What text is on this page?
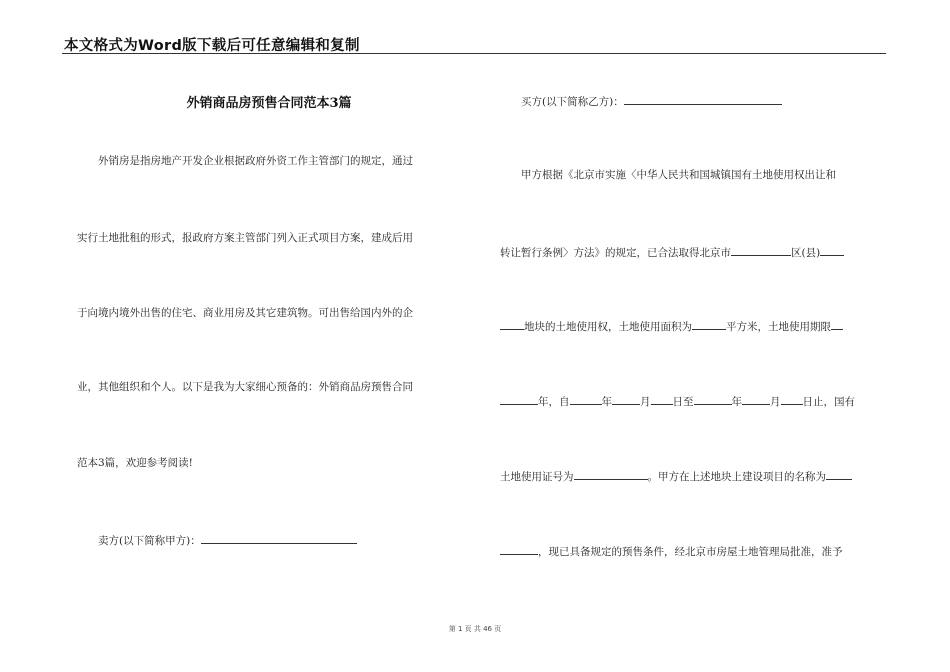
本文格式为Word版下载后可任意编辑和复制
外销商品房预售合同范本3篇
外销房是指房地产开发企业根据政府外资工作主管部门的规定，通过
实行土地批租的形式，报政府方案主管部门列入正式项目方案，建成后用
于向境内境外出售的住宅、商业用房及其它建筑物。可出售给国内外的企
业，其他组织和个人。以下是我为大家细心预备的：外销商品房预售合同
范本3篇，欢迎参考阅读!
卖方(以下简称甲方)：
买方(以下简称乙方)：
甲方根据《北京市实施〈中华人民共和国城镇国有土地使用权出让和
转让暂行条例〉方法》的规定，已合法取得北京市	区(县)
地块的土地使用权，土地使用面积为	平方米，土地使用期限
年，自	年	月 日至	年	月 日止，国有
土地使用证号为	。甲方在上述地块上建设项目的名称为
，现已具备规定的预售条件，经北京市房屋土地管理局批准，准予
第 1 页 共 46 页
